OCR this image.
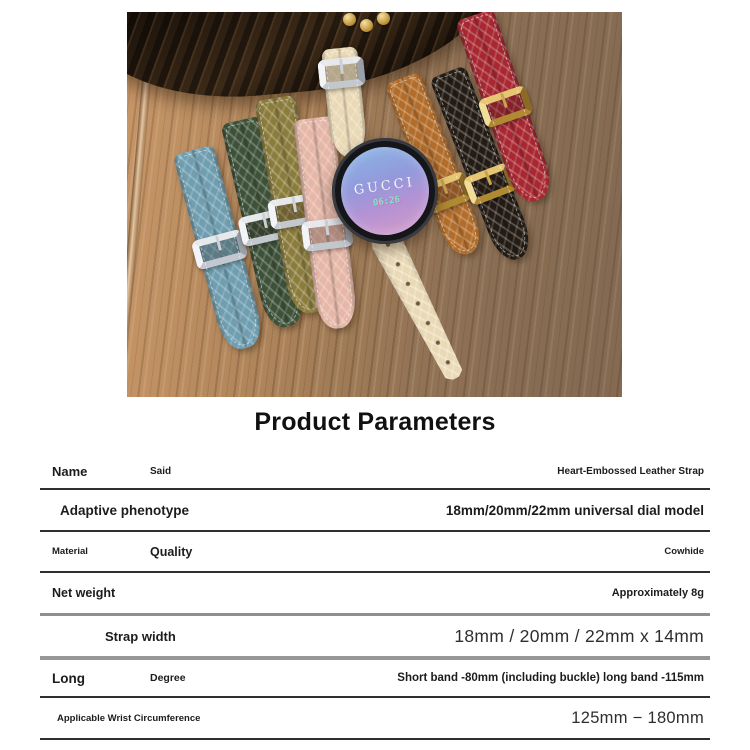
GUCCI
06:26
Product Parameters
Name	Said	Heart-Embossed Leather Strap
Adaptive phenotype	18mm/20mm/22mm universal dial model
Material	Quality	Cowhide
Net weight	Approximately 8g
Strap width	18mm / 20mm / 22mm x 14mm
Long	Degree	Short band -80mm (including buckle) long band -115mm
Applicable Wrist Circumference	125mm − 180mm
